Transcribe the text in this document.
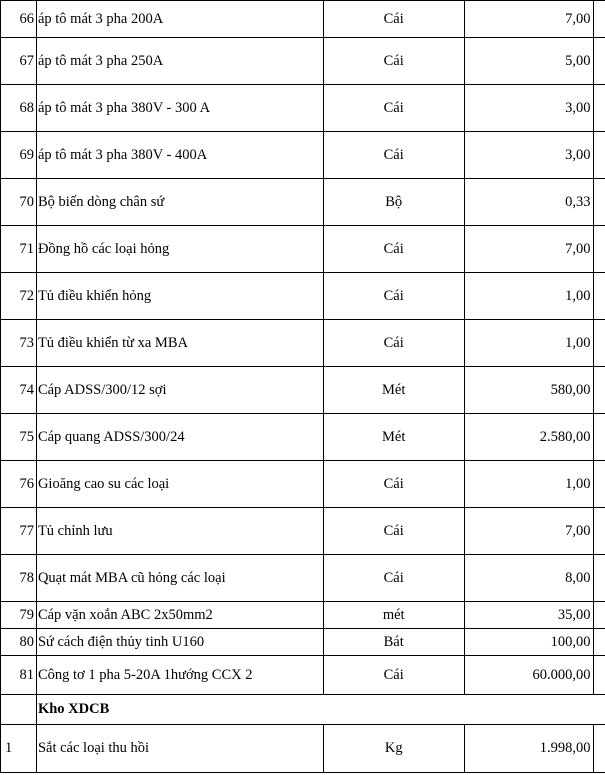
66	áp tô mát 3 pha 200A	Cái	7,00	
67	áp tô mát 3 pha 250A	Cái	5,00	
68	áp tô mát 3 pha 380V - 300 A	Cái	3,00	
69	áp tô mát 3 pha 380V - 400A	Cái	3,00	
70	Bộ biến dòng chân sứ	Bộ	0,33	
71	Đồng hồ các loại hỏng	Cái	7,00	
72	Tủ điều khiển hỏng	Cái	1,00	
73	Tủ điều khiển từ xa MBA	Cái	1,00	
74	Cáp ADSS/300/12 sợi	Mét	580,00	
75	Cáp quang ADSS/300/24	Mét	2.580,00	
76	Gioăng cao su các loại	Cái	1,00	
77	Tủ chỉnh lưu	Cái	7,00	
78	Quạt mát MBA cũ hỏng các loại	Cái	8,00	
79	Cáp vặn xoắn ABC 2x50mm2	mét	35,00	
80	Sứ cách điện thủy tinh U160	Bát	100,00	
81	Công tơ 1 pha 5-20A 1hướng CCX 2	Cái	60.000,00	
	Kho XDCB			
1	Sắt các loại thu hồi	Kg	1.998,00	
